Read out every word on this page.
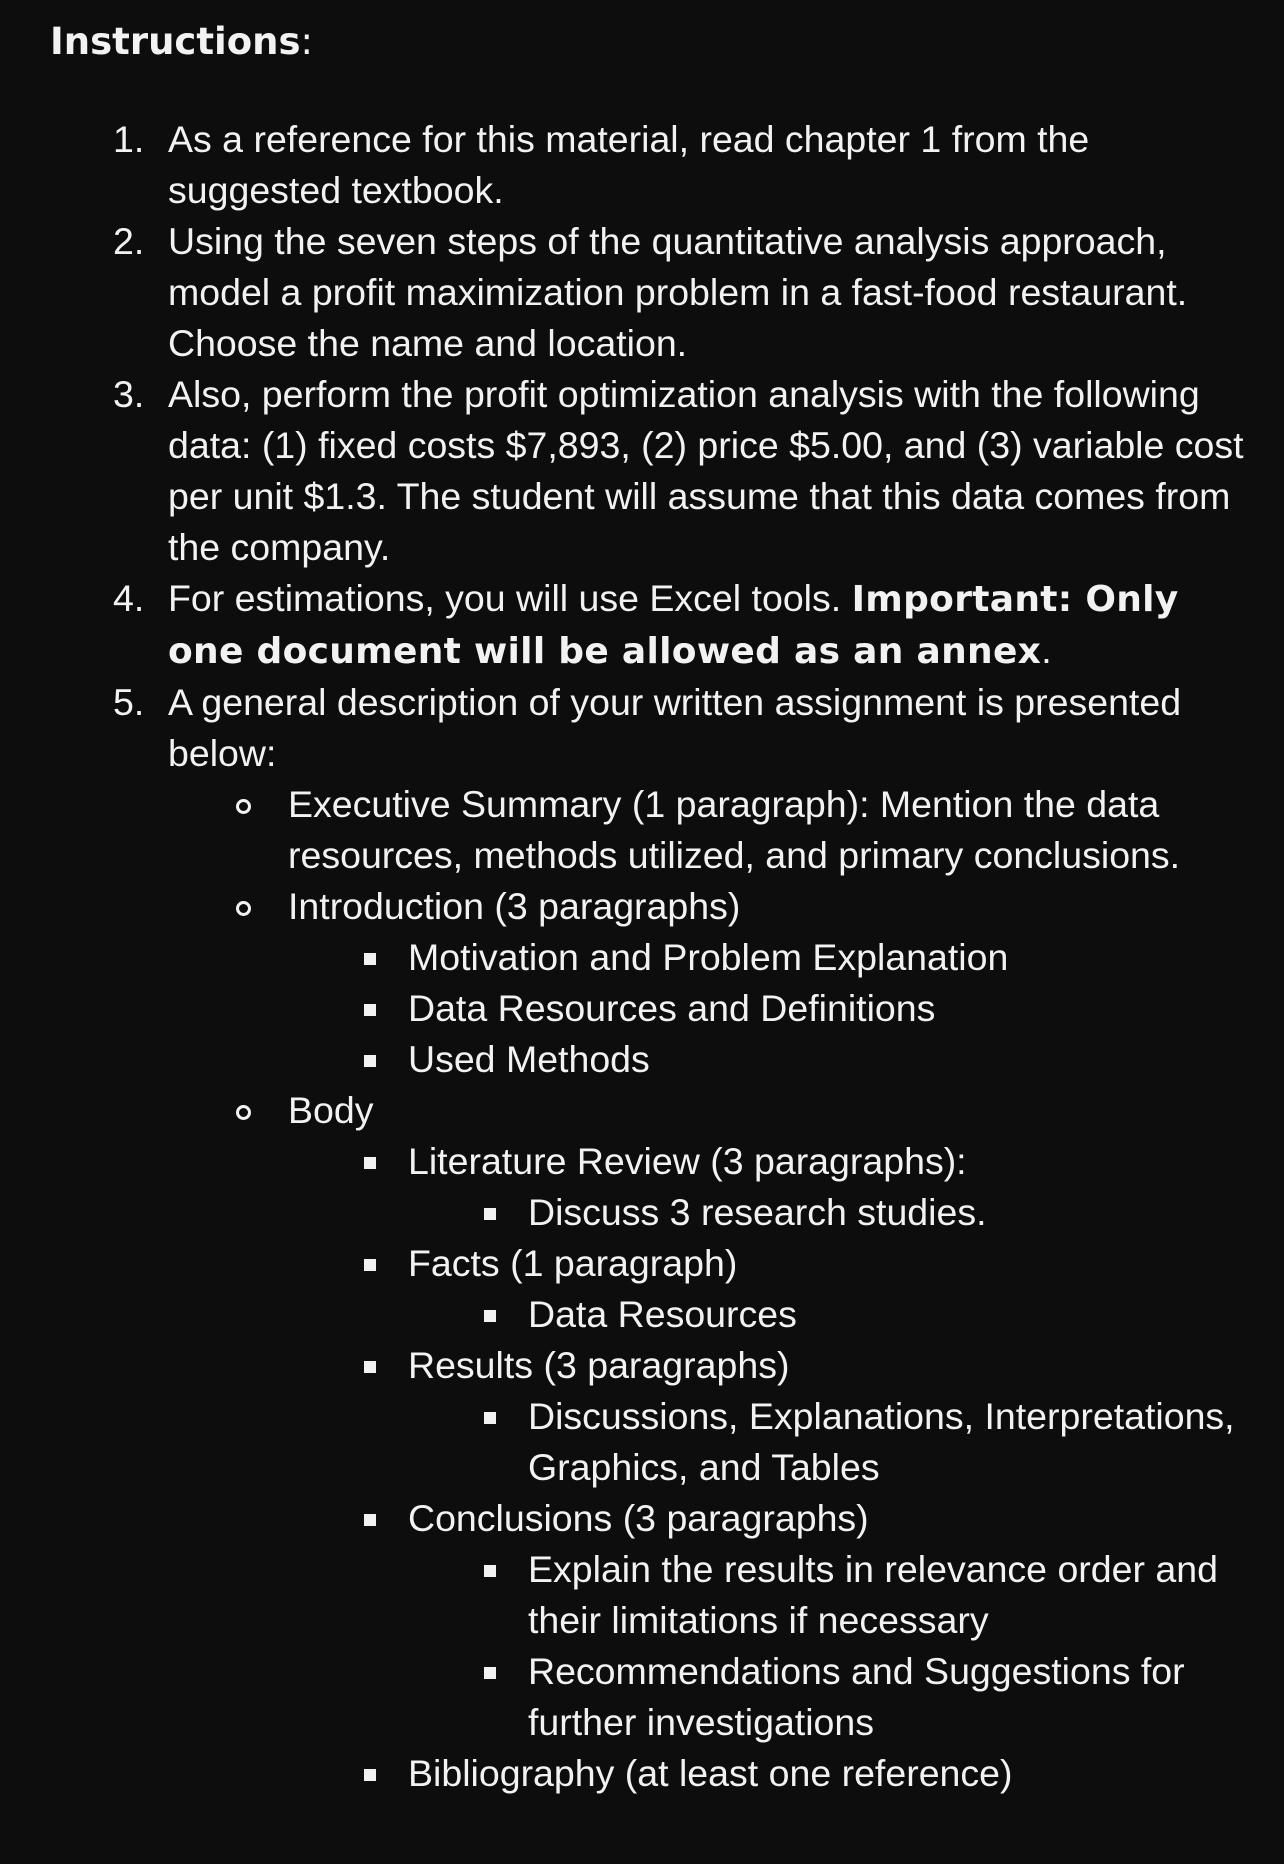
Instructions:
1. As a reference for this material, read chapter 1 from the suggested textbook.
2. Using the seven steps of the quantitative analysis approach, model a profit maximization problem in a fast-food restaurant. Choose the name and location.
3. Also, perform the profit optimization analysis with the following data: (1) fixed costs $7,893, (2) price $5.00, and (3) variable cost per unit $1.3. The student will assume that this data comes from the company.
4. For estimations, you will use Excel tools. Important: Only one document will be allowed as an annex.
5. A general description of your written assignment is presented below:
Executive Summary (1 paragraph): Mention the data resources, methods utilized, and primary conclusions.
Introduction (3 paragraphs)
Motivation and Problem Explanation
Data Resources and Definitions
Used Methods
Body
Literature Review (3 paragraphs):
Discuss 3 research studies.
Facts (1 paragraph)
Data Resources
Results (3 paragraphs)
Discussions, Explanations, Interpretations, Graphics, and Tables
Conclusions (3 paragraphs)
Explain the results in relevance order and their limitations if necessary
Recommendations and Suggestions for further investigations
Bibliography (at least one reference)
